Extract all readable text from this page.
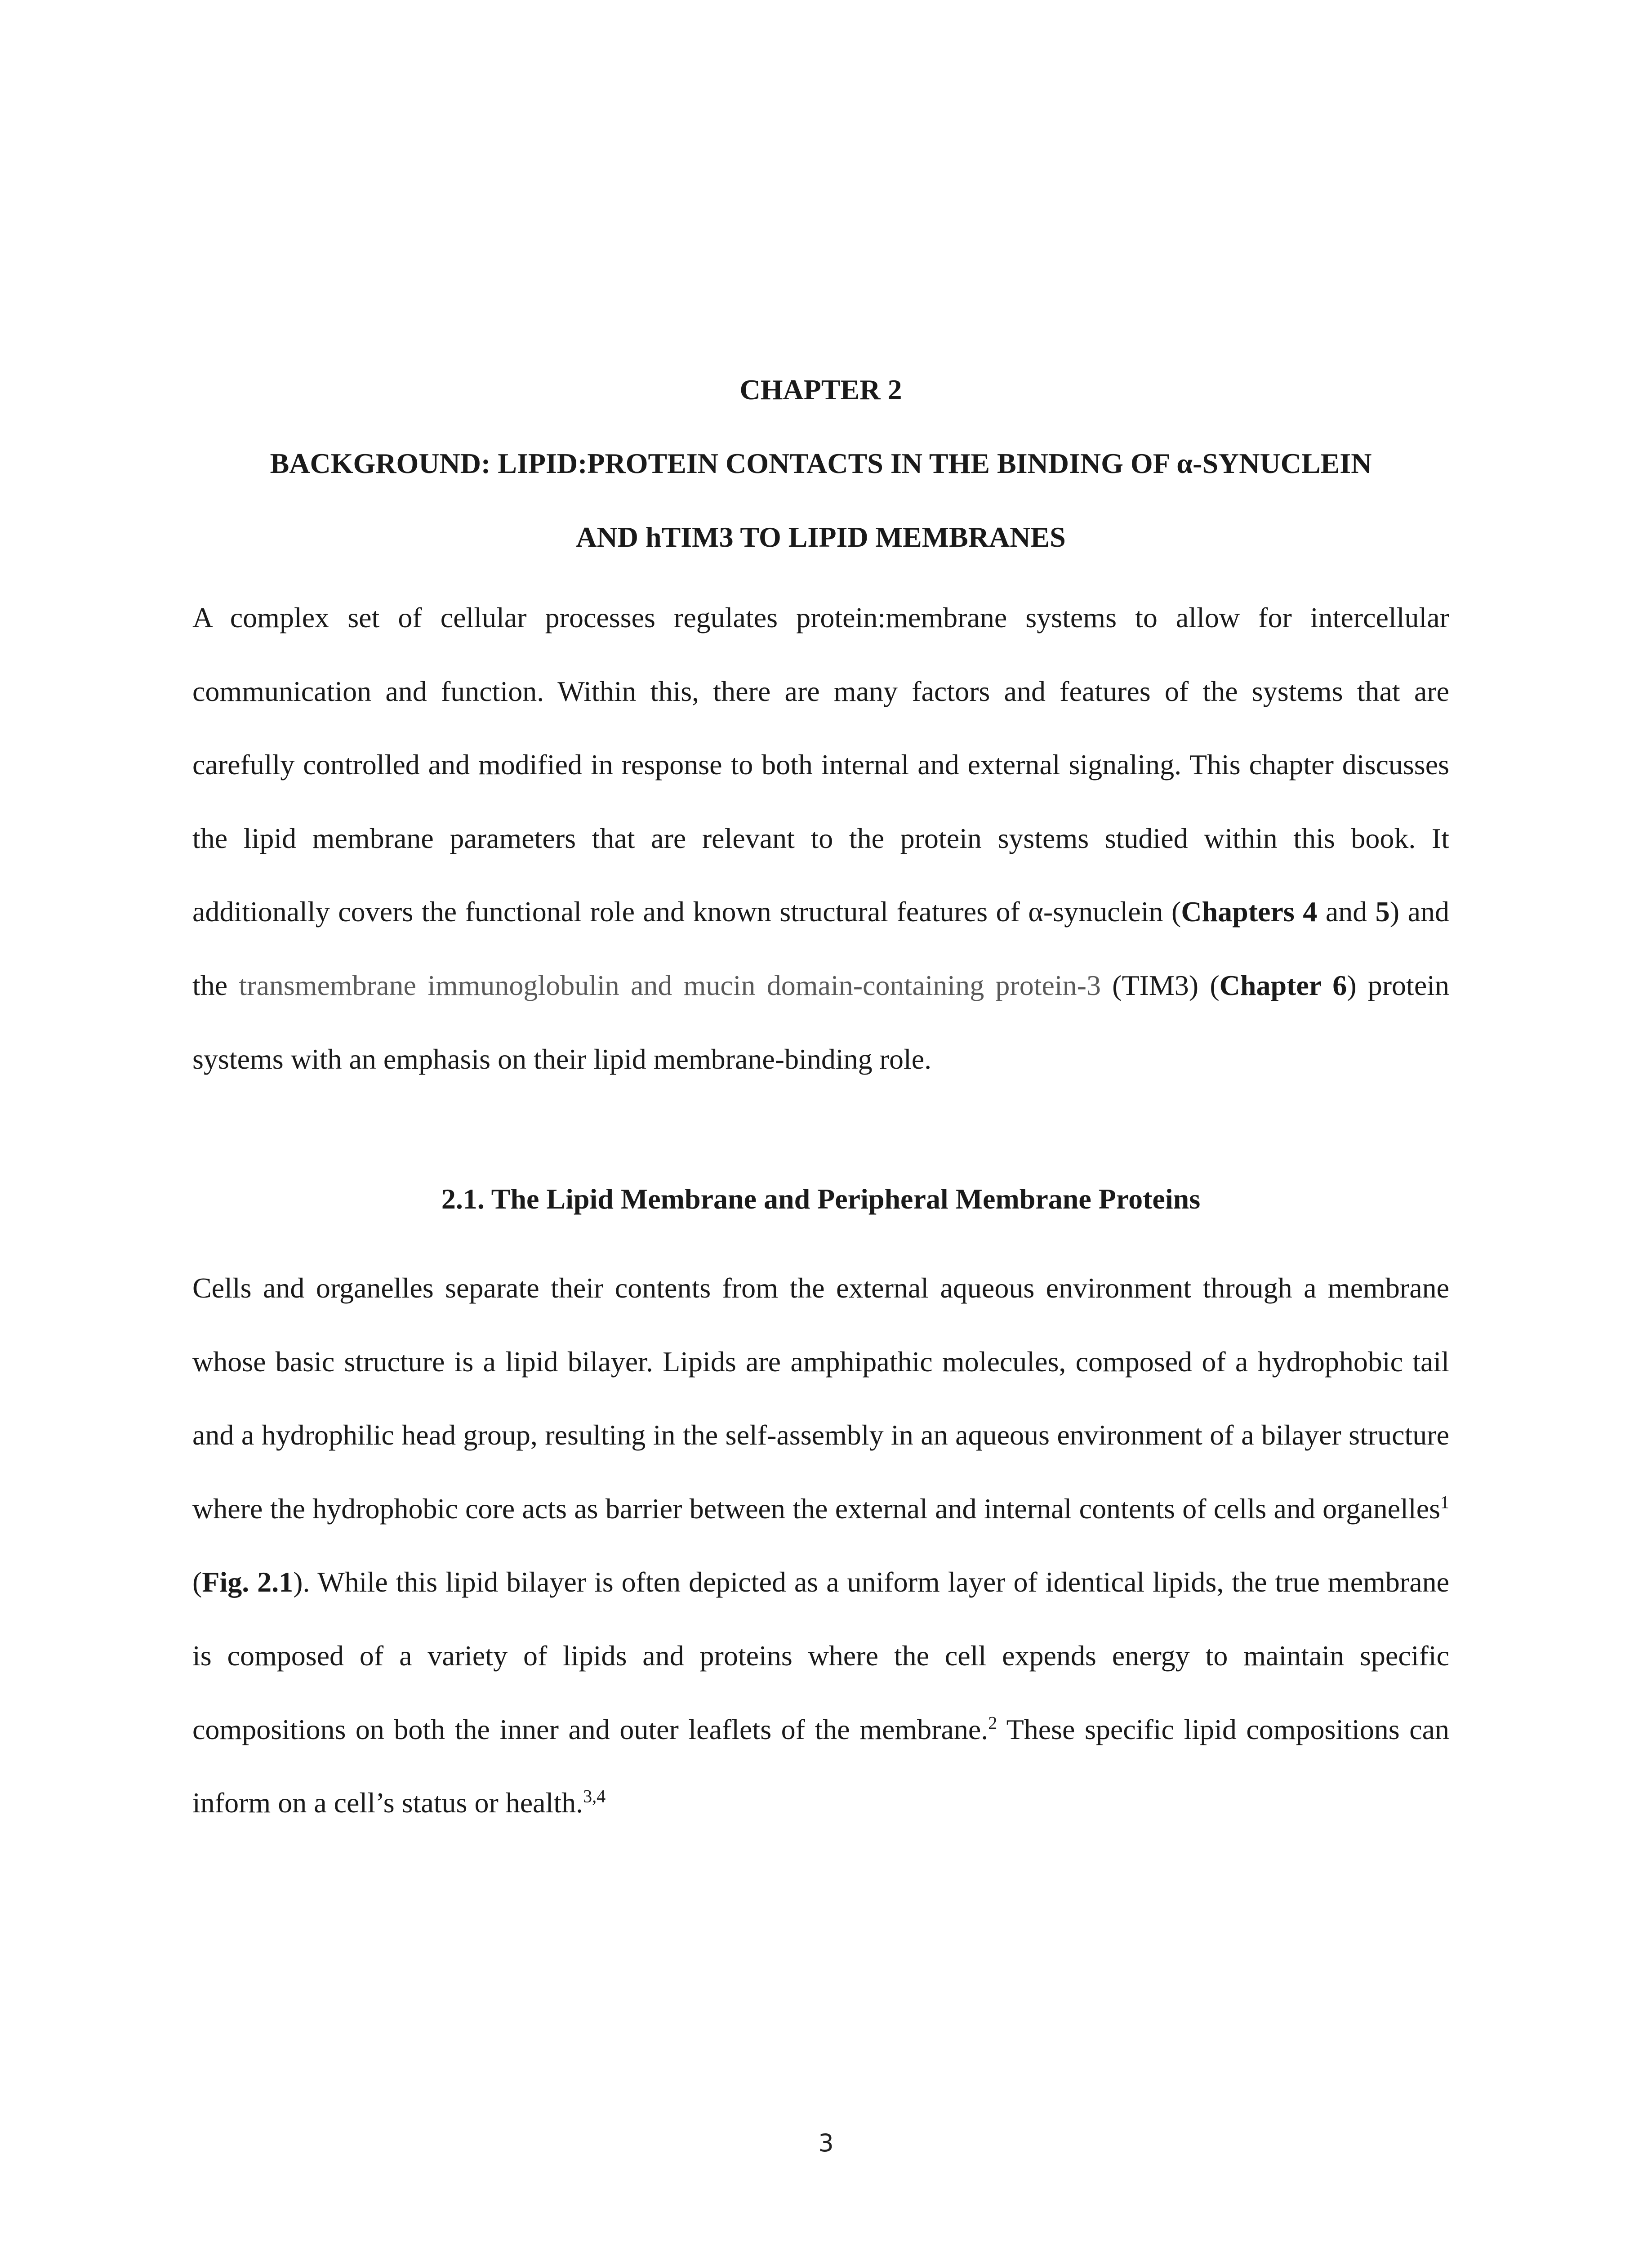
CHAPTER 2

BACKGROUND: LIPID:PROTEIN CONTACTS IN THE BINDING OF α-SYNUCLEIN

AND hTIM3 TO LIPID MEMBRANES

A complex set of cellular processes regulates protein:membrane systems to allow for intercellular communication and function. Within this, there are many factors and features of the systems that are carefully controlled and modified in response to both internal and external signaling. This chapter discusses the lipid membrane parameters that are relevant to the protein systems studied within this book. It additionally covers the functional role and known structural features of α-synuclein (Chapters 4 and 5) and the transmembrane immunoglobulin and mucin domain-containing protein-3 (TIM3) (Chapter 6) protein systems with an emphasis on their lipid membrane-binding role.

2.1. The Lipid Membrane and Peripheral Membrane Proteins

Cells and organelles separate their contents from the external aqueous environment through a membrane whose basic structure is a lipid bilayer. Lipids are amphipathic molecules, composed of a hydrophobic tail and a hydrophilic head group, resulting in the self-assembly in an aqueous environment of a bilayer structure where the hydrophobic core acts as barrier between the external and internal contents of cells and organelles$^1$ (Fig. 2.1). While this lipid bilayer is often depicted as a uniform layer of identical lipids, the true membrane is composed of a variety of lipids and proteins where the cell expends energy to maintain specific compositions on both the inner and outer leaflets of the membrane.$^2$ These specific lipid compositions can inform on a cell’s status or health.$^{3,4}$

3
